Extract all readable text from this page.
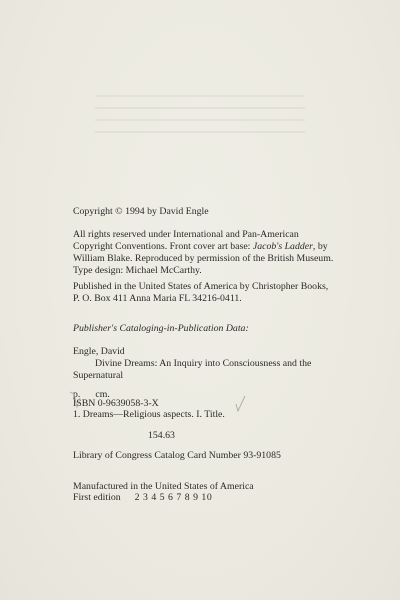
Copyright © 1994 by David Engle
All rights reserved under International and Pan-American
Copyright Conventions. Front cover art base: Jacob's Ladder, by
William Blake. Reproduced by permission of the British Museum.
Type design: Michael McCarthy.
Published in the United States of America by Christopher Books,
P. O. Box 411 Anna Maria FL 34216-0411.
Publisher's Cataloging-in-Publication Data:
Engle, David

Divine Dreams: An Inquiry into Consciousness and the
Supernatural
p. cm.
ISBN 0-9639058-3-X
1. Dreams—Religious aspects. I. Title.
154.63
Library of Congress Catalog Card Number 93-91085
Manufactured in the United States of America
First edition 2 3 4 5 6 7 8 9 10
